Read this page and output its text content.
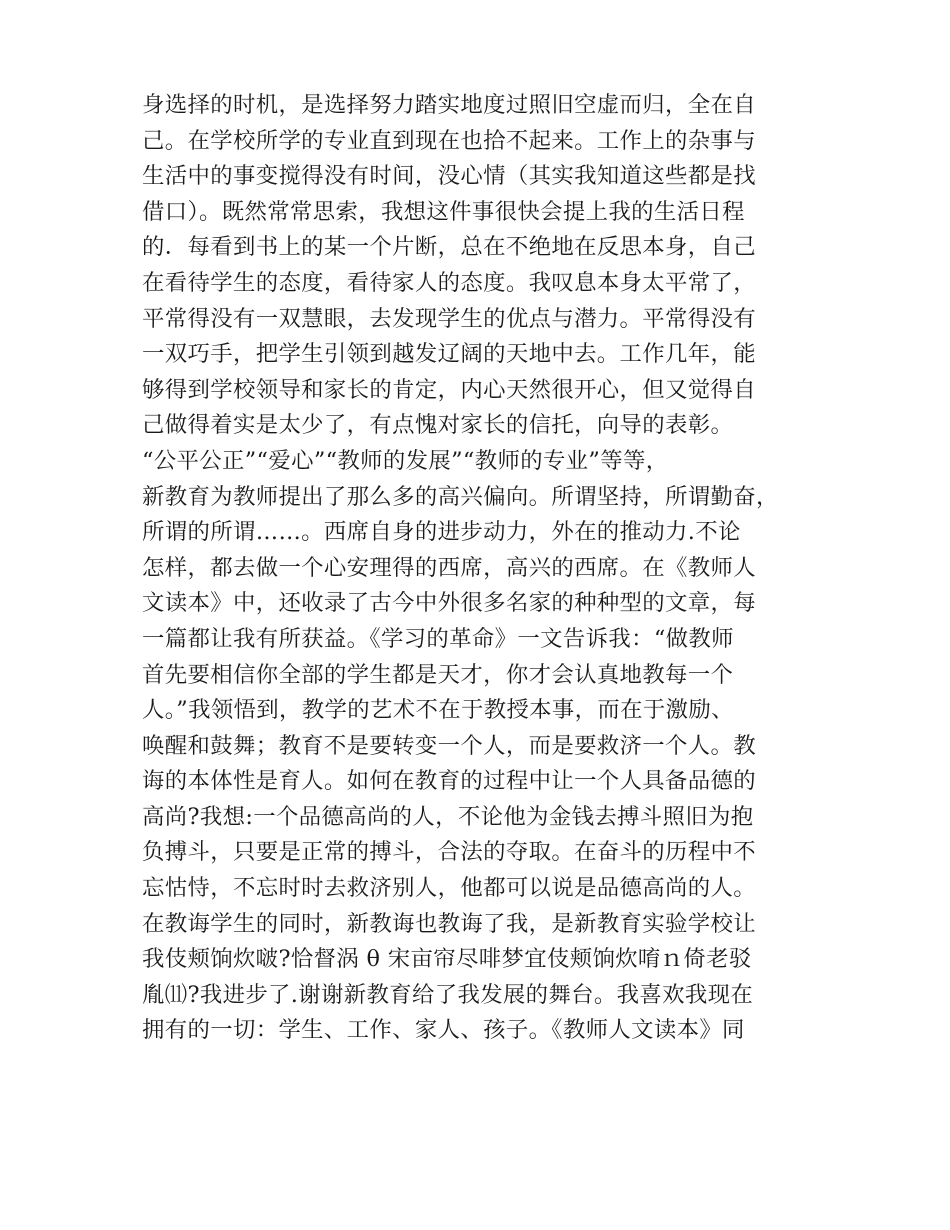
身选择的时机，是选择努力踏实地度过照旧空虚而归，全在自
己。在学校所学的专业直到现在也拾不起来。工作上的杂事与
生活中的事变搅得没有时间，没心情（其实我知道这些都是找
借口）。既然常常思索，我想这件事很快会提上我的生活日程
的．每看到书上的某一个片断，总在不绝地在反思本身，自己
在看待学生的态度，看待家人的态度。我叹息本身太平常了，
平常得没有一双慧眼，去发现学生的优点与潜力。平常得没有
一双巧手，把学生引领到越发辽阔的天地中去。工作几年，能
够得到学校领导和家长的肯定，内心天然很开心，但又觉得自
己做得着实是太少了，有点愧对家长的信托，向导的表彰。
“公平公正”“爱心”“教师的发展”“教师的专业”等等，
新教育为教师提出了那么多的高兴偏向。所谓坚持，所谓勤奋，
所谓的所谓……。西席自身的进步动力，外在的推动力.不论
怎样，都去做一个心安理得的西席，高兴的西席。在《教师人
文读本》中，还收录了古今中外很多名家的种种型的文章，每
一篇都让我有所获益。《学习的革命》一文告诉我：“做教师
首先要相信你全部的学生都是天才，你才会认真地教每一个
人。”我领悟到，教学的艺术不在于教授本事，而在于激励、
唤醒和鼓舞；教育不是要转变一个人，而是要救济一个人。教
诲的本体性是育人。如何在教育的过程中让一个人具备品德的
高尚?我想:一个品德高尚的人，不论他为金钱去搏斗照旧为抱
负搏斗，只要是正常的搏斗，合法的夺取。在奋斗的历程中不
忘怙恃，不忘时时去救济别人，他都可以说是品德高尚的人。
在教诲学生的同时，新教诲也教诲了我，是新教育实验学校让
我伎颊饷炊啵?恰督涡 θ 宋亩帘尽啡梦宜伎颊饷炊唷ｎ倚老驳
胤⑾?我进步了.谢谢新教育给了我发展的舞台。我喜欢我现在
拥有的一切：学生、工作、家人、孩子。《教师人文读本》同
